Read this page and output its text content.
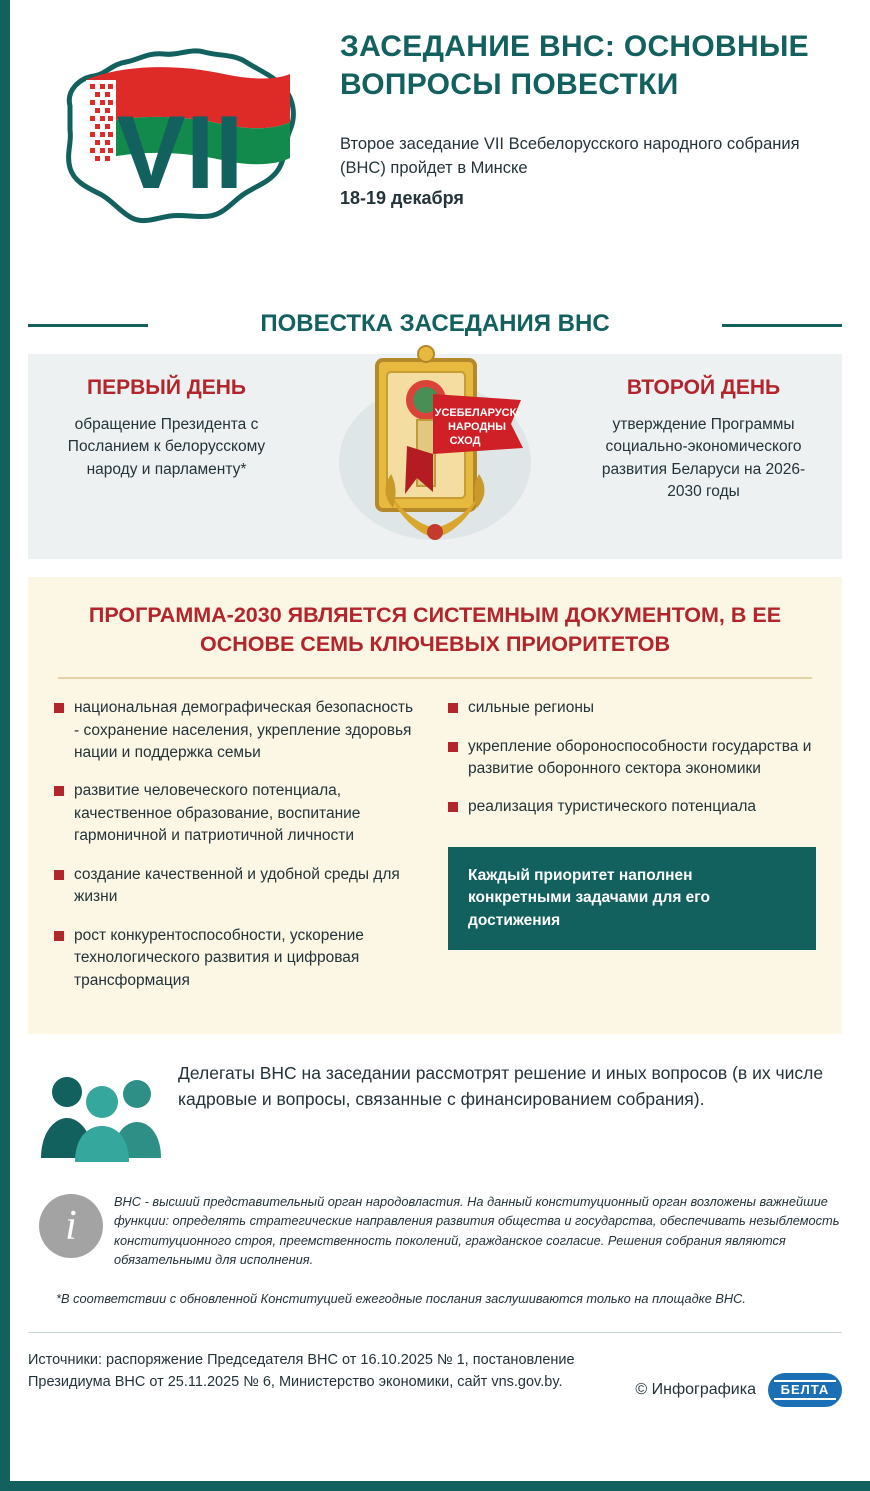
VII
ЗАСЕДАНИЕ ВНС: ОСНОВНЫЕ ВОПРОСЫ ПОВЕСТКИ
Второе заседание VII Всебелорусского народного собрания (ВНС) пройдет в Минске
18-19 декабря
ПОВЕСТКА ЗАСЕДАНИЯ ВНС
ПЕРВЫЙ ДЕНЬ
обращение Президента с Посланием к белорусскому народу и парламенту*
УСЕБЕЛАРУСКІ
НАРОДНЫ
СХОД
ВТОРОЙ ДЕНЬ
утверждение Программы социально-экономического развития Беларуси на 2026-2030 годы
ПРОГРАММА-2030 ЯВЛЯЕТСЯ СИСТЕМНЫМ ДОКУМЕНТОМ, В ЕЕ ОСНОВЕ СЕМЬ КЛЮЧЕВЫХ ПРИОРИТЕТОВ
национальная демографическая безопасность - сохранение населения, укрепление здоровья нации и поддержка семьи
развитие человеческого потенциала, качественное образование, воспитание гармоничной и патриотичной личности
создание качественной и удобной среды для жизни
рост конкурентоспособности, ускорение технологического развития и цифровая трансформация
сильные регионы
укрепление обороноспособности государства и развитие оборонного сектора экономики
реализация туристического потенциала
Каждый приоритет наполнен конкретными задачами для его достижения
Делегаты ВНС на заседании рассмотрят решение и иных вопросов (в их числе кадровые и вопросы, связанные с финансированием собрания).
i
ВНС - высший представительный орган народовластия. На данный конституционный орган возложены важнейшие функции: определять стратегические направления развития общества и государства, обеспечивать незыблемость конституционного строя, преемственность поколений, гражданское согласие. Решения собрания являются обязательными для исполнения.
*В соответствии с обновленной Конституцией ежегодные послания заслушиваются только на площадке ВНС.
Источники: распоряжение Председателя ВНС от 16.10.2025 № 1, постановление Президиума ВНС от 25.11.2025 № 6, Министерство экономики, сайт vns.gov.by.	© Инфографика БЕЛТА
